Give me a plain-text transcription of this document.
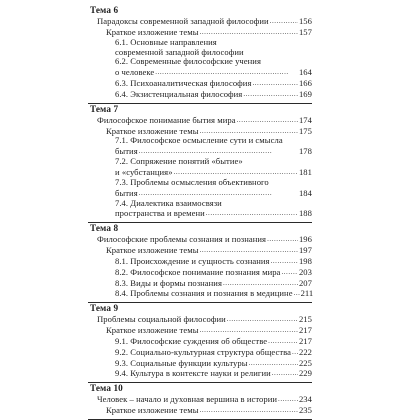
Тема 6
Парадоксы современной западной философии . . .	156
Краткое изложение темы . . .	157
6.1. Основные направления
современной западной философии
6.2. Современные философские учения
о человеке . . .	164
6.3. Психоаналитическая философия . . .	166
6.4. Экзистенциальная философия . . .	169
Тема 7
Философское понимание бытия мира . . .	174
Краткое изложение темы . . .	175
7.1. Философское осмысление сути и смысла
бытия . . .	178
7.2. Сопряжение понятий «бытие»
и «субстанция» . . .	181
7.3. Проблемы осмысления объективного
бытия . . .	184
7.4. Диалектика взаимосвязи
пространства и времени . . .	188
Тема 8
Философские проблемы сознания и познания . . .	196
Краткое изложение темы . . .	197
8.1. Происхождение и сущность сознания . . .	198
8.2. Философское понимание познания мира . . . 203
8.3. Виды и формы познания . . .	207
8.4. Проблемы сознания и познания в медицине . . . 211
Тема 9
Проблемы социальной философии . . .	215
Краткое изложение темы . . .	217
9.1. Философские суждения об обществе . . .	217
9.2. Социально-культурная структура общества . . . 222
9.3. Социальные функции культуры . . .	225
9.4. Культура в контексте науки и религии . . .	229
Тема 10
Человек – начало и духовная вершина в истории . . .	234
Краткое изложение темы . . .	235
